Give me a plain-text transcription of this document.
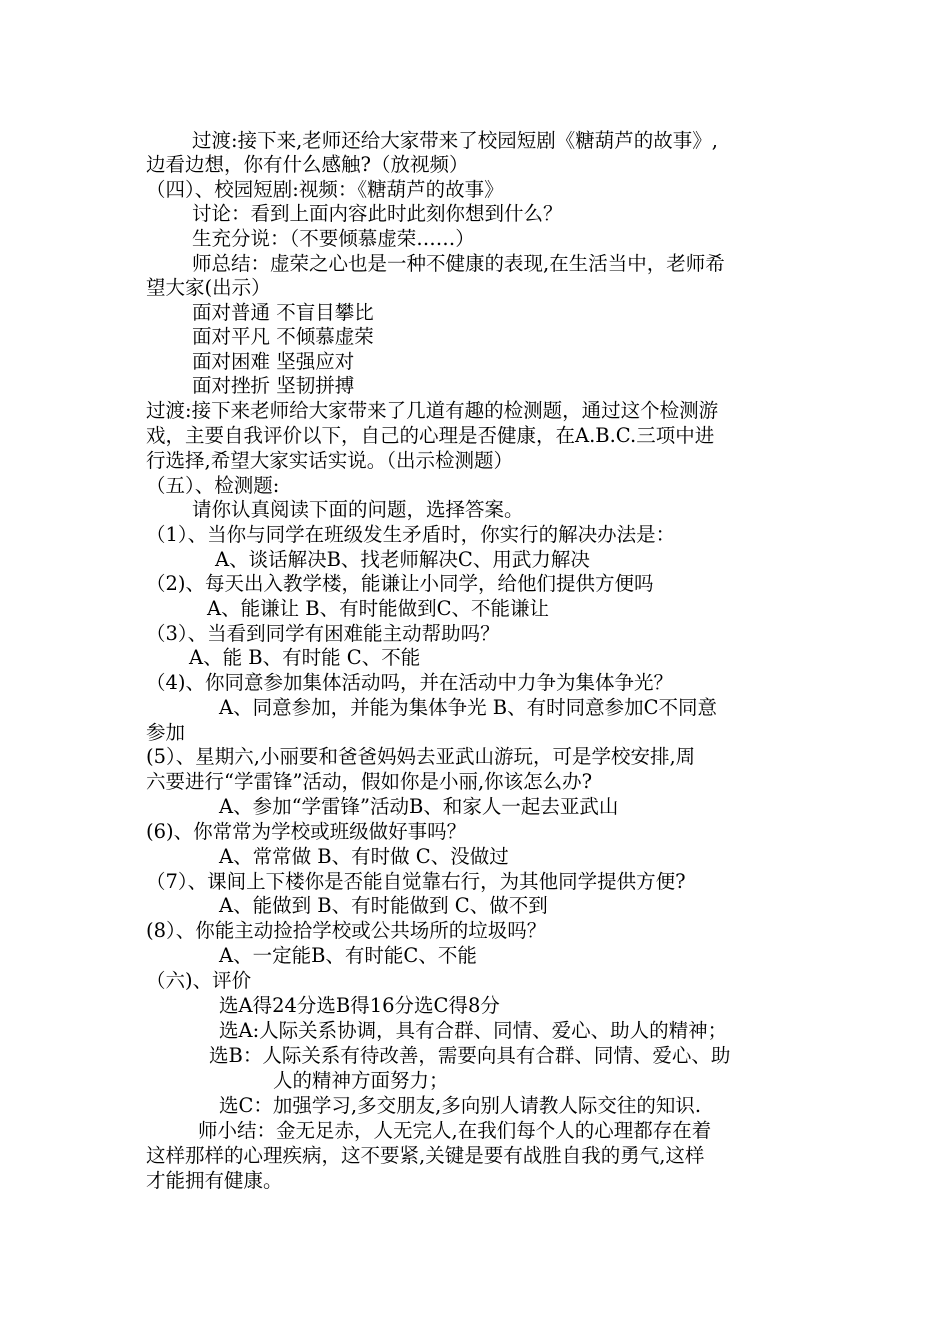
过渡:接下来,老师还给大家带来了校园短剧《糖葫芦的故事》,
边看边想，你有什么感触?（放视频）
（四）、校园短剧:视频：《糖葫芦的故事》
讨论：看到上面内容此时此刻你想到什么？
生充分说：（不要倾慕虚荣……）
师总结：虚荣之心也是一种不健康的表现,在生活当中，老师希
望大家(出示）
面对普通 不盲目攀比
面对平凡 不倾慕虚荣
面对困难 坚强应对
面对挫折 坚韧拼搏
过渡:接下来老师给大家带来了几道有趣的检测题，通过这个检测游
戏，主要自我评价以下，自己的心理是否健康，在A.B.C.三项中进
行选择,希望大家实话实说。（出示检测题）
（五）、检测题:
请你认真阅读下面的问题，选择答案。
（1）、当你与同学在班级发生矛盾时，你实行的解决办法是：
A、谈话解决B、找老师解决C、用武力解决
（2)、每天出入教学楼，能谦让小同学，给他们提供方便吗
A、能谦让 B、有时能做到C、不能谦让
（3）、当看到同学有困难能主动帮助吗？
A、能 B、有时能 C、不能
（4)、你同意参加集体活动吗，并在活动中力争为集体争光？
A、同意参加，并能为集体争光 B、有时同意参加C不同意
参加
(5）、星期六,小丽要和爸爸妈妈去亚武山游玩，可是学校安排,周
六要进行“学雷锋”活动，假如你是小丽,你该怎么办?
A、参加“学雷锋”活动B、和家人一起去亚武山
(6)、你常常为学校或班级做好事吗？
A、常常做 B、有时做 C、没做过
（7）、课间上下楼你是否能自觉靠右行，为其他同学提供方便?
A、能做到 B、有时能做到 C、做不到
(8）、你能主动捡拾学校或公共场所的垃圾吗？
A、一定能B、有时能C、不能
（六)、评价
选A得24分选B得16分选C得8分
选A:人际关系协调，具有合群、同情、爱心、助人的精神；
选B：人际关系有待改善，需要向具有合群、同情、爱心、助
人的精神方面努力；
选C：加强学习,多交朋友,多向别人请教人际交往的知识.
师小结：金无足赤，人无完人,在我们每个人的心理都存在着
这样那样的心理疾病，这不要紧,关键是要有战胜自我的勇气,这样
才能拥有健康。
